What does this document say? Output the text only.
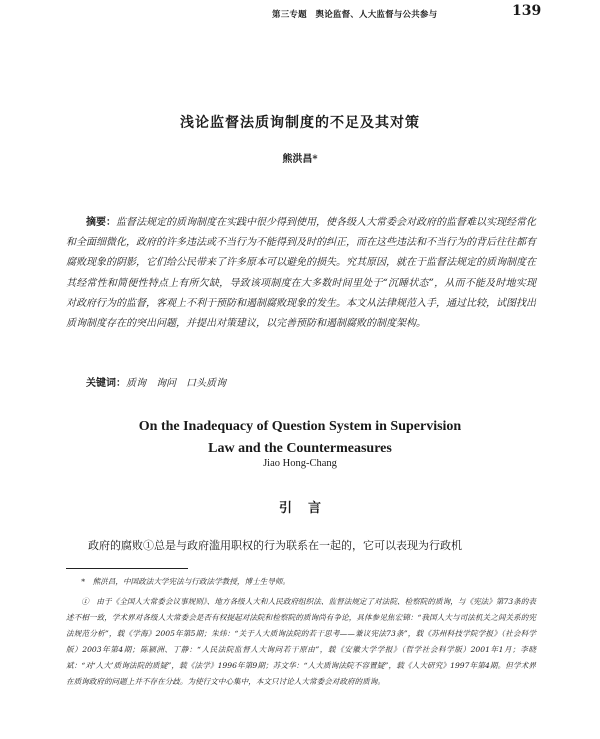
第三专题　舆论监督、人大监督与公共参与	139
浅论监督法质询制度的不足及其对策
熊洪昌*

摘要：监督法规定的质询制度在实践中很少得到使用，使各级人大常委会对政府的监督难以实现经常化和全面细微化，政府的许多违法或不当行为不能得到及时的纠正，而在这些违法和不当行为的背后往往都有腐败现象的阴影，它们给公民带来了许多原本可以避免的损失。究其原因，就在于监督法规定的质询制度在其经常性和简便性特点上有所欠缺，导致该项制度在大多数时间里处于“沉睡状态”，从而不能及时地实现对政府行为的监督，客观上不利于预防和遏制腐败现象的发生。本文从法律规范入手，通过比较，试图找出质询制度存在的突出问题，并提出对策建议，以完善预防和遏制腐败的制度架构。

关键词：质询　询问　口头质询

On the Inadequacy of Question System in Supervision
Law and the Countermeasures
Jiao Hong-Chang
引言

政府的腐败①总是与政府滥用职权的行为联系在一起的，它可以表现为行政机

*　熊洪昌，中国政法大学宪法与行政法学教授，博士生导师。

①　由于《全国人大常委会议事规则》、地方各级人大和人民政府组织法、监督法规定了对法院、检察院的质询，与《宪法》第73条的表述不相一致，学术界对各级人大常委会是否有权提起对法院和检察院的质询尚有争论，具体参见焦宏锦：“我国人大与司法机关之间关系的宪法规范分析”，载《学海》2005年第5期；朱炜：“关于人大质询法院的若干思考——兼议宪法73条”，载《苏州科技学院学报》（社会科学版）2003年第4期；陈颍洲、丁静：“人民法院监督人大询问若干原由”，载《安徽大学学报》（哲学社会科学版）2001年1月；李晓斌：“对‘人大’质询法院的质疑”，载《法学》1996年第9期；苏文华：“人大质询法院不容置疑”，载《人大研究》1997年第4期。但学术界在质询政府的问题上并不存在分歧。为使行文中心集中，本文只讨论人大常委会对政府的质询。
